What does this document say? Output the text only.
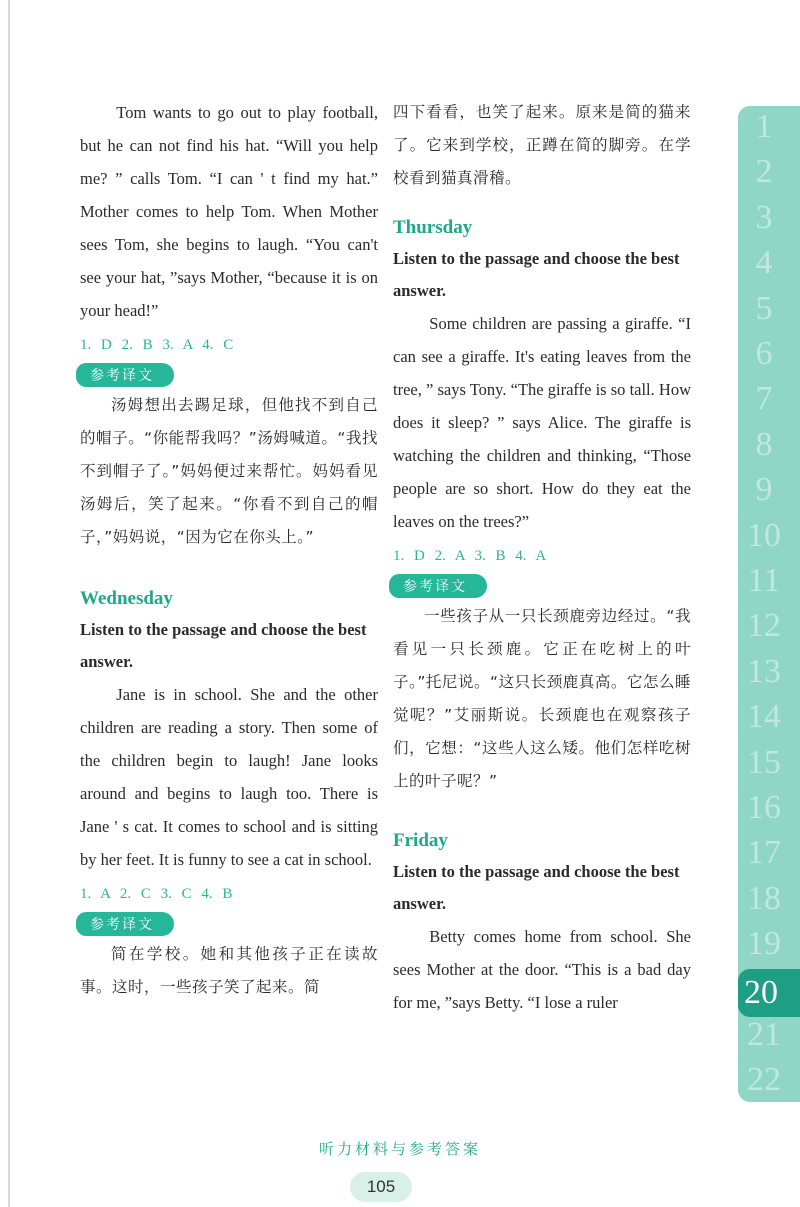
Tom wants to go out to play football, but he can not find his hat. “Will you help me? ” calls Tom. “I can ' t find my hat.” Mother comes to help Tom. When Mother sees Tom, she begins to laugh. “You can't see your hat, ”says Mother, “because it is on your head!”

1. D 2. B 3. A 4. C

参考译文

汤姆想出去踢足球，但他找不到自己的帽子。“你能帮我吗？”汤姆喊道。“我找不到帽子了。”妈妈便过来帮忙。妈妈看见汤姆后，笑了起来。“你看不到自己的帽子，”妈妈说，“因为它在你头上。”

Wednesday

Listen to the passage and choose the best answer.

Jane is in school. She and the other children are reading a story. Then some of the children begin to laugh! Jane looks around and begins to laugh too. There is Jane ' s cat. It comes to school and is sitting by her feet. It is funny to see a cat in school.

1. A 2. C 3. C 4. B

参考译文

简在学校。她和其他孩子正在读故事。这时，一些孩子笑了起来。简

四下看看，也笑了起来。原来是简的猫来了。它来到学校，正蹲在简的脚旁。在学校看到猫真滑稽。

Thursday

Listen to the passage and choose the best answer.

Some children are passing a giraffe. “I can see a giraffe. It's eating leaves from the tree, ” says Tony. “The giraffe is so tall. How does it sleep? ” says Alice. The giraffe is watching the children and thinking, “Those people are so short. How do they eat the leaves on the trees?”

1. D 2. A 3. B 4. A

参考译文

一些孩子从一只长颈鹿旁边经过。“我看见一只长颈鹿。它正在吃树上的叶子。”托尼说。“这只长颈鹿真高。它怎么睡觉呢？”艾丽斯说。长颈鹿也在观察孩子们，它想：“这些人这么矮。他们怎样吃树上的叶子呢？”

Friday

Listen to the passage and choose the best answer.

Betty comes home from school. She sees Mother at the door. “This is a bad day for me, ”says Betty. “I lose a ruler

1
2
3
4
5
6
7
8
9
10
11
12
13
14
15
16
17
18
19
20
21
22
听力材料与参考答案
105
